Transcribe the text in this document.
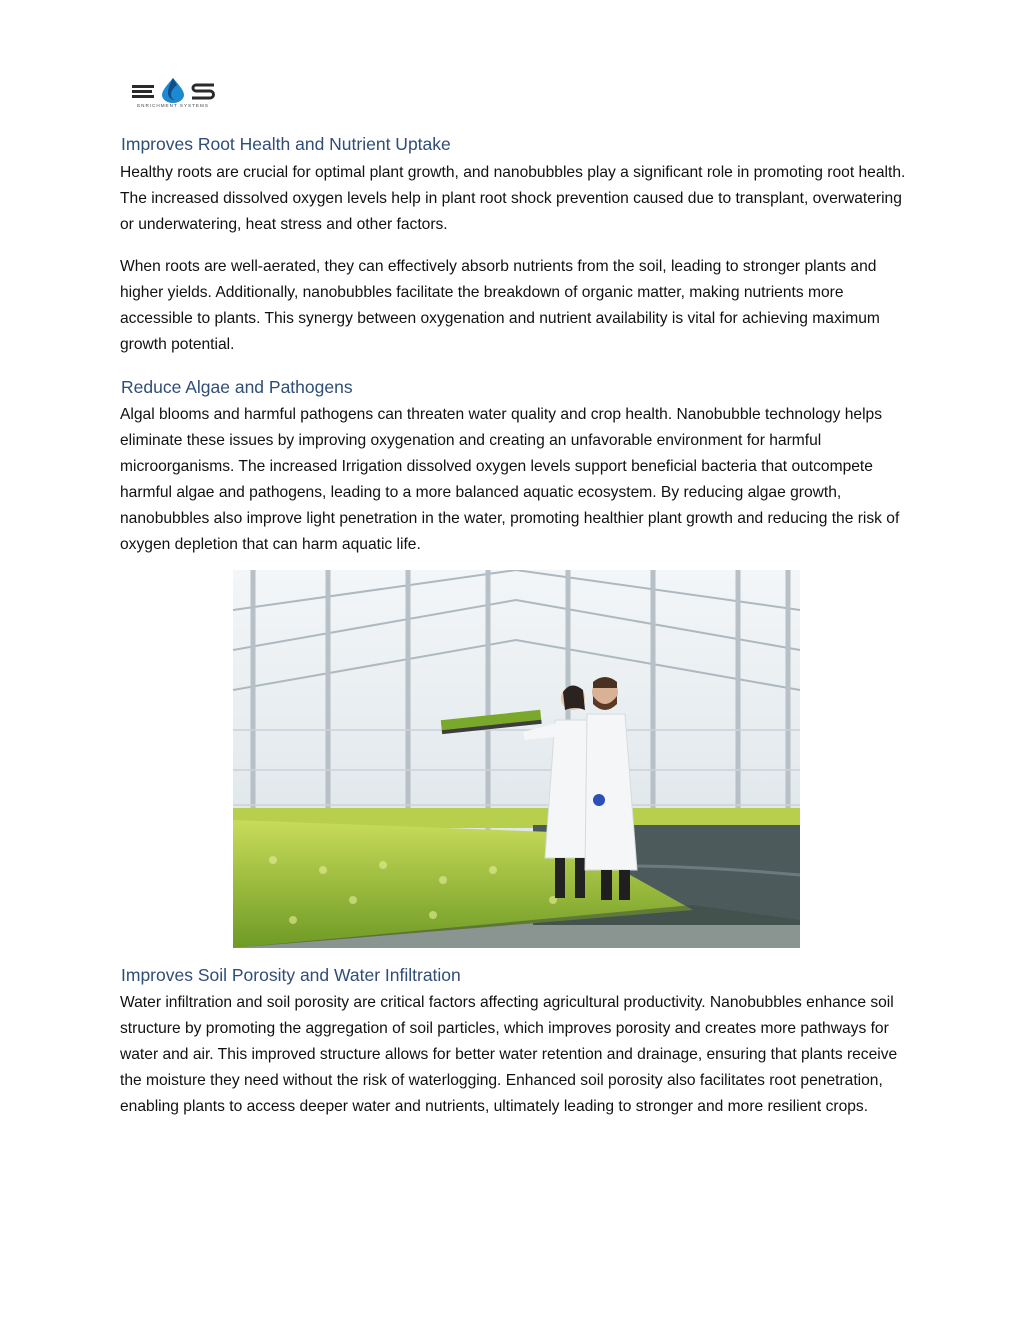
ENRICHMENT SYSTEMS
Improves Root Health and Nutrient Uptake

Healthy roots are crucial for optimal plant growth, and nanobubbles play a significant role in promoting root health. The increased dissolved oxygen levels help in plant root shock prevention caused due to transplant, overwatering or underwatering, heat stress and other factors.

When roots are well-aerated, they can effectively absorb nutrients from the soil, leading to stronger plants and higher yields. Additionally, nanobubbles facilitate the breakdown of organic matter, making nutrients more accessible to plants. This synergy between oxygenation and nutrient availability is vital for achieving maximum growth potential.

Reduce Algae and Pathogens

Algal blooms and harmful pathogens can threaten water quality and crop health. Nanobubble technology helps eliminate these issues by improving oxygenation and creating an unfavorable environment for harmful microorganisms. The increased Irrigation dissolved oxygen levels support beneficial bacteria that outcompete harmful algae and pathogens, leading to a more balanced aquatic ecosystem. By reducing algae growth, nanobubbles also improve light penetration in the water, promoting healthier plant growth and reducing the risk of oxygen depletion that can harm aquatic life.

Improves Soil Porosity and Water Infiltration

Water infiltration and soil porosity are critical factors affecting agricultural productivity. Nanobubbles enhance soil structure by promoting the aggregation of soil particles, which improves porosity and creates more pathways for water and air. This improved structure allows for better water retention and drainage, ensuring that plants receive the moisture they need without the risk of waterlogging. Enhanced soil porosity also facilitates root penetration, enabling plants to access deeper water and nutrients, ultimately leading to stronger and more resilient crops.
